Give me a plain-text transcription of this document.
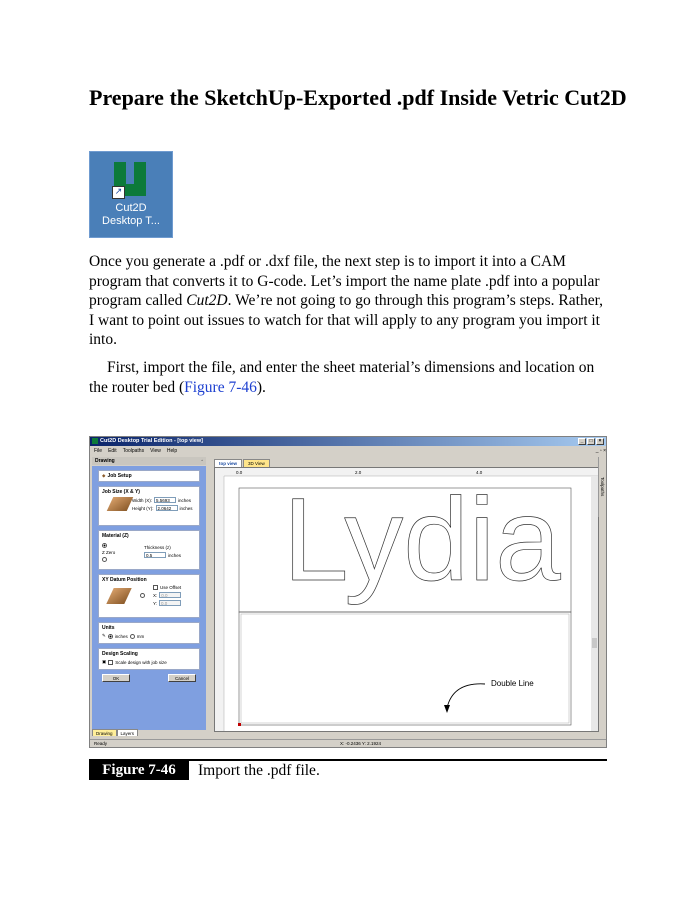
Prepare the SketchUp-Exported .pdf Inside Vetric Cut2D
↗
Cut2D
Desktop T...

Once you generate a .pdf or .dxf file, the next step is to import it into a CAM program that converts it to G-code. Let’s import the name plate .pdf into a popular program called Cut2D. We’re not going to go through this program’s steps. Rather, I want to point out issues to watch for that will apply to any program you import it into.

First, import the file, and enter the sheet material’s dimensions and location on the router bed (Figure 7-46).

Cut2D Desktop Trial Edition - [top view]	_	□	×
File Edit Toolpaths View Help	_ ▫ ×
Drawing	◦
◆ Job Setup
Job Size (X & Y)
Width (X): 5.5693	inches
Height (Y): 2.0642	inches
Material (Z)
Z Zero
Thickness (z)
0.5	inches
XY Datum Position
Use Offset
X: 0.0
Y: 0.0
Units
✎ inches mm
Design Scaling
▣ Scale design with job size
OK	Cancel
Drawing	Layers
top view	3D View
0.0	2.0	4.0
Lydia
Double Line
Toolpaths
Ready	X: -0.2436 Y: 2.1924
Figure 7-46	Import the .pdf file.
